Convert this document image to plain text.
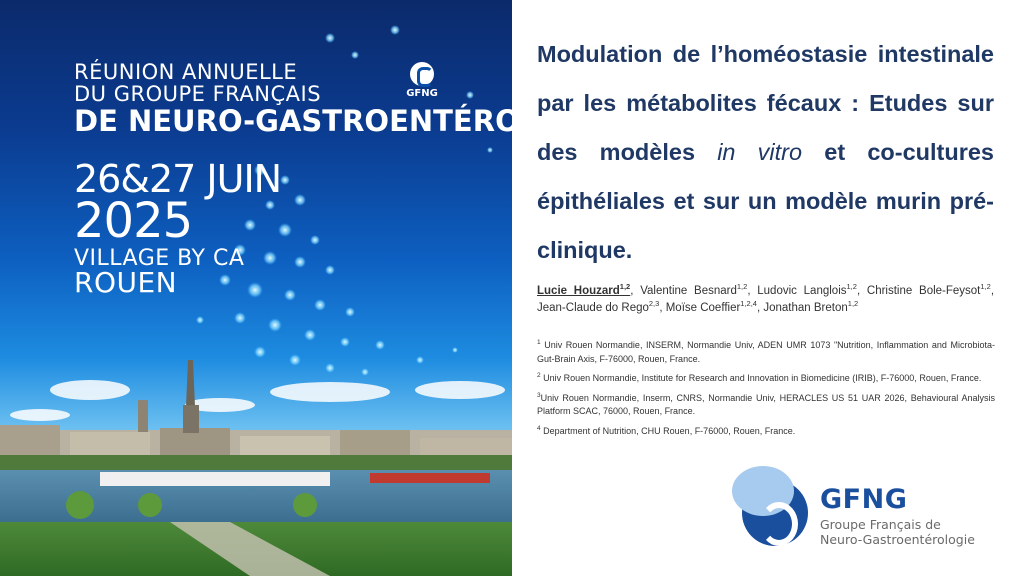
RÉUNION ANNUELLE
DU GROUPE FRANÇAIS
DE NEURO-GASTROENTÉROLOGIE
26&27 JUIN
2025
VILLAGE BY CA
ROUEN
GFNG
Modulation de l’homéostasie intestinale par les métabolites fécaux : Etudes sur des modèles in vitro et co-cultures épithéliales et sur un modèle murin pré-clinique.
Lucie Houzard$^{1,2}$, Valentine Besnard$^{1,2}$, Ludovic Langlois$^{1,2}$, Christine Bole-Feysot$^{1,2}$, Jean-Claude do Rego$^{2,3}$, Moïse Coeffier$^{1,2,4}$, Jonathan Breton$^{1,2}$
$^1$ Univ Rouen Normandie, INSERM, Normandie Univ, ADEN UMR 1073 "Nutrition, Inflammation and Microbiota-Gut-Brain Axis, F-76000, Rouen, France.
$^2$ Univ Rouen Normandie, Institute for Research and Innovation in Biomedicine (IRIB), F-76000, Rouen, France.
$^3$Univ Rouen Normandie, Inserm, CNRS, Normandie Univ, HERACLES US 51 UAR 2026, Behavioural Analysis Platform SCAC, 76000, Rouen, France.
$^4$ Department of Nutrition, CHU Rouen, F-76000, Rouen, France.
GFNG
Groupe Français de
Neuro-Gastroentérologie
